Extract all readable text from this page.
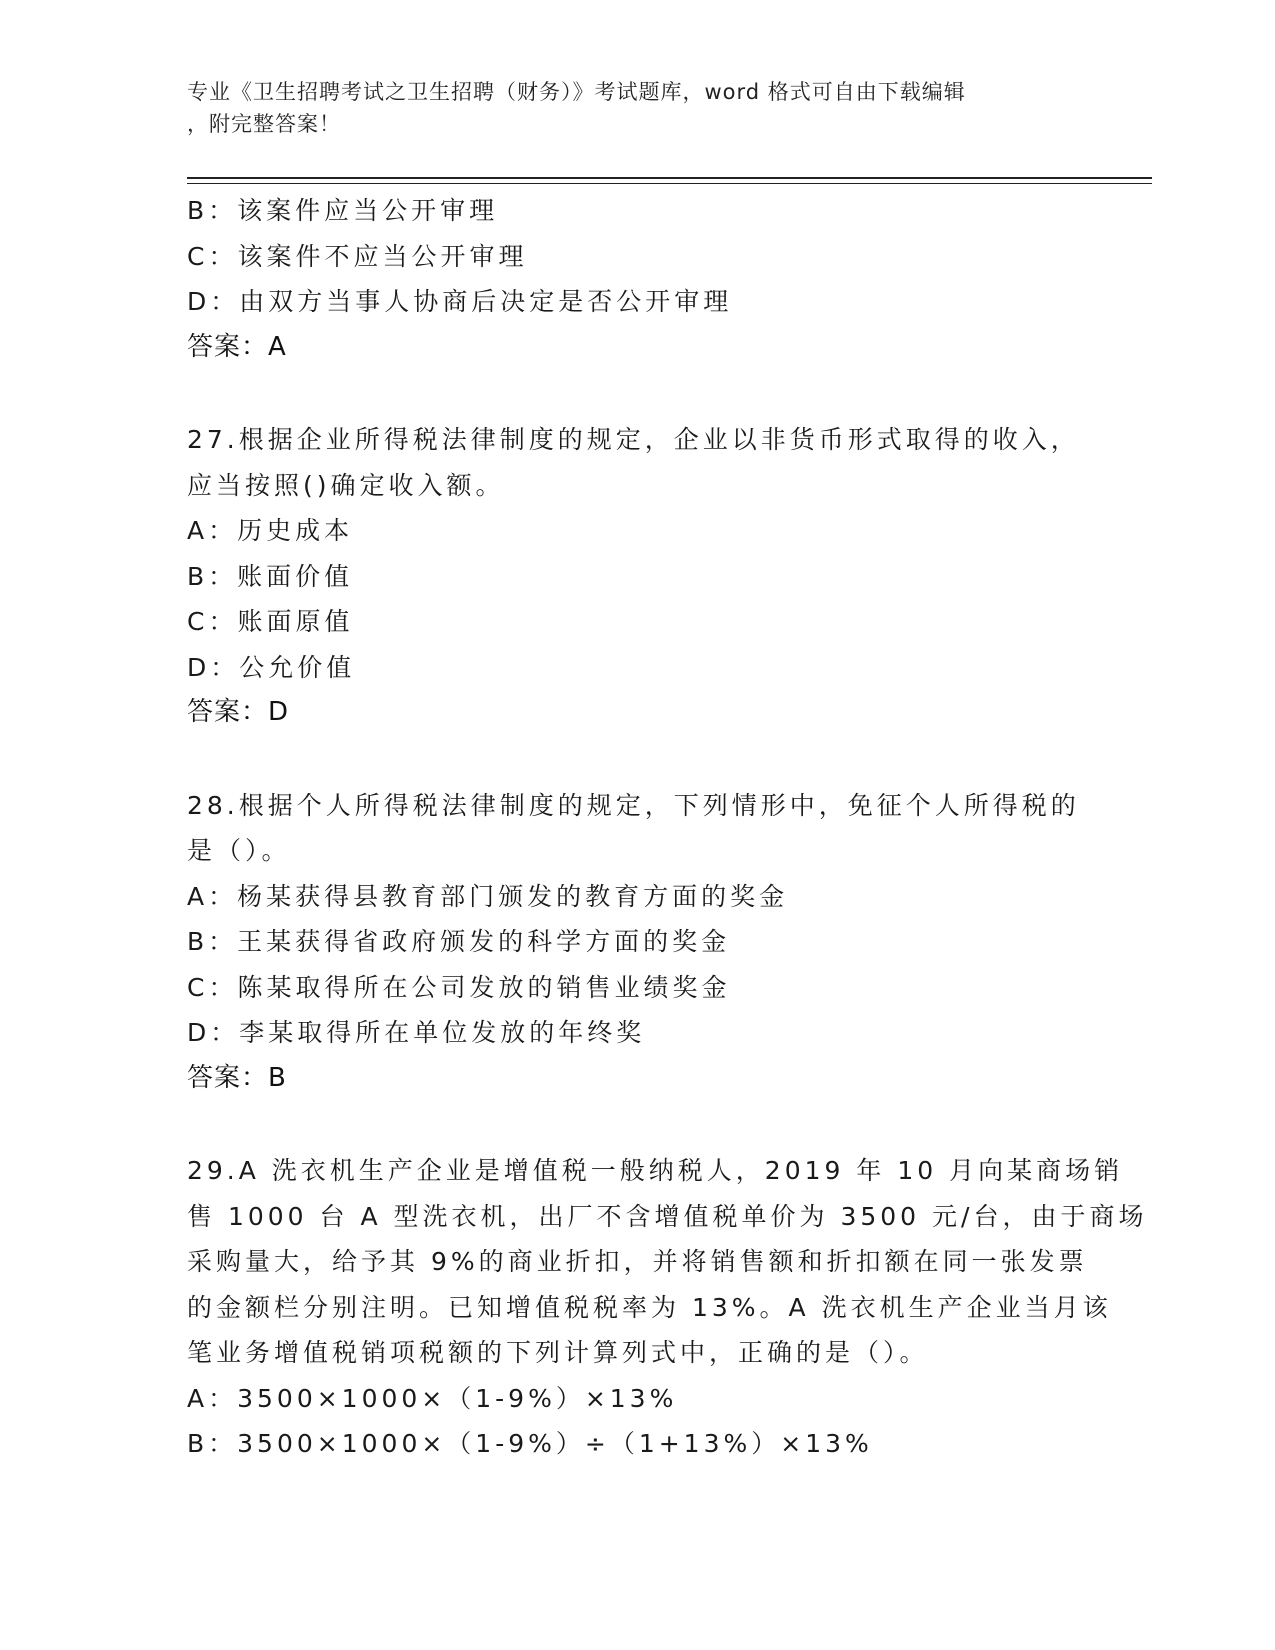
专业《卫生招聘考试之卫生招聘（财务）》考试题库，word 格式可自由下载编辑
，附完整答案！
B：该案件应当公开审理
C：该案件不应当公开审理
D：由双方当事人协商后决定是否公开审理
答案：A
27.根据企业所得税法律制度的规定，企业以非货币形式取得的收入，
应当按照()确定收入额。
A：历史成本
B：账面价值
C：账面原值
D：公允价值
答案：D
28.根据个人所得税法律制度的规定，下列情形中，免征个人所得税的
是（）。
A：杨某获得县教育部门颁发的教育方面的奖金
B：王某获得省政府颁发的科学方面的奖金
C：陈某取得所在公司发放的销售业绩奖金
D：李某取得所在单位发放的年终奖
答案：B
29.A 洗衣机生产企业是增值税一般纳税人，2019 年 10 月向某商场销
售 1000 台 A 型洗衣机，出厂不含增值税单价为 3500 元/台，由于商场
采购量大，给予其 9%的商业折扣，并将销售额和折扣额在同一张发票
的金额栏分别注明。已知增值税税率为 13%。A 洗衣机生产企业当月该
笔业务增值税销项税额的下列计算列式中，正确的是（）。
A：3500×1000×（1-9%）×13%
B：3500×1000×（1-9%）÷（1+13%）×13%
